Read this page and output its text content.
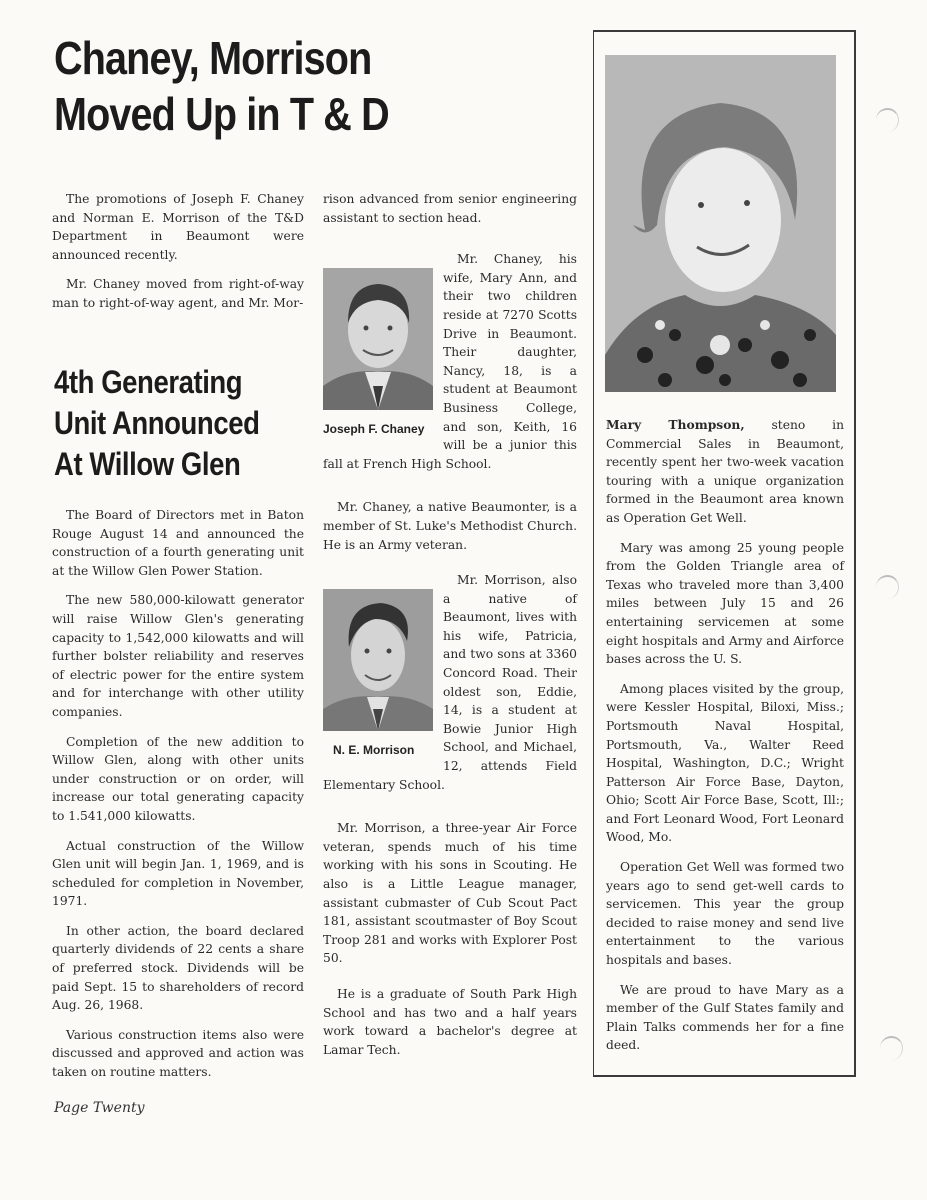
Chaney, Morrison
Moved Up in T & D

The promotions of Joseph F. Chaney and Norman E. Morrison of the T&D Department in Beaumont were announced recently.

Mr. Chaney moved from right-of-way man to right-of-way agent, and Mr. Mor-

4th Generating
Unit Announced
At Willow Glen

The Board of Directors met in Baton Rouge August 14 and announced the construction of a fourth generating unit at the Willow Glen Power Station.

The new 580,000-kilowatt generator will raise Willow Glen's generating capacity to 1,542,000 kilowatts and will further bolster reliability and reserves of electric power for the entire system and for interchange with other utility companies.

Completion of the new addition to Willow Glen, along with other units under construction or on order, will increase our total generating capacity to 1.541,000 kilowatts.

Actual construction of the Willow Glen unit will begin Jan. 1, 1969, and is scheduled for completion in November, 1971.

In other action, the board declared quarterly dividends of 22 cents a share of preferred stock. Dividends will be paid Sept. 15 to shareholders of record Aug. 26, 1968.

Various construction items also were discussed and approved and action was taken on routine matters.

rison advanced from senior engineering assistant to section head.

Joseph F. Chaney

Mr. Chaney, his wife, Mary Ann, and their two children reside at 7270 Scotts Drive in Beaumont. Their daughter, Nancy, 18, is a student at Beaumont Business College, and son, Keith, 16 will be a junior this fall at French High School.

Mr. Chaney, a native Beaumonter, is a member of St. Luke's Methodist Church. He is an Army veteran.

N. E. Morrison

Mr. Morrison, also a native of Beaumont, lives with his wife, Patricia, and two sons at 3360 Concord Road. Their oldest son, Eddie, 14, is a student at Bowie Junior High School, and Michael, 12, attends Field Elementary School.

Mr. Morrison, a three-year Air Force veteran, spends much of his time working with his sons in Scouting. He also is a Little League manager, assistant cubmaster of Cub Scout Pact 181, assistant scoutmaster of Boy Scout Troop 281 and works with Explorer Post 50.

He is a graduate of South Park High School and has two and a half years work toward a bachelor's degree at Lamar Tech.

Mary Thompson, steno in Commercial Sales in Beaumont, recently spent her two-week vacation touring with a unique organization formed in the Beaumont area known as Operation Get Well.

Mary was among 25 young people from the Golden Triangle area of Texas who traveled more than 3,400 miles between July 15 and 26 entertaining servicemen at some eight hospitals and Army and Airforce bases across the U. S.

Among places visited by the group, were Kessler Hospital, Biloxi, Miss.; Portsmouth Naval Hospital, Portsmouth, Va., Walter Reed Hospital, Washington, D.C.; Wright Patterson Air Force Base, Dayton, Ohio; Scott Air Force Base, Scott, Ill:; and Fort Leonard Wood, Fort Leonard Wood, Mo.

Operation Get Well was formed two years ago to send get-well cards to servicemen. This year the group decided to raise money and send live entertainment to the various hospitals and bases.

We are proud to have Mary as a member of the Gulf States family and Plain Talks commends her for a fine deed.

Page Twenty
